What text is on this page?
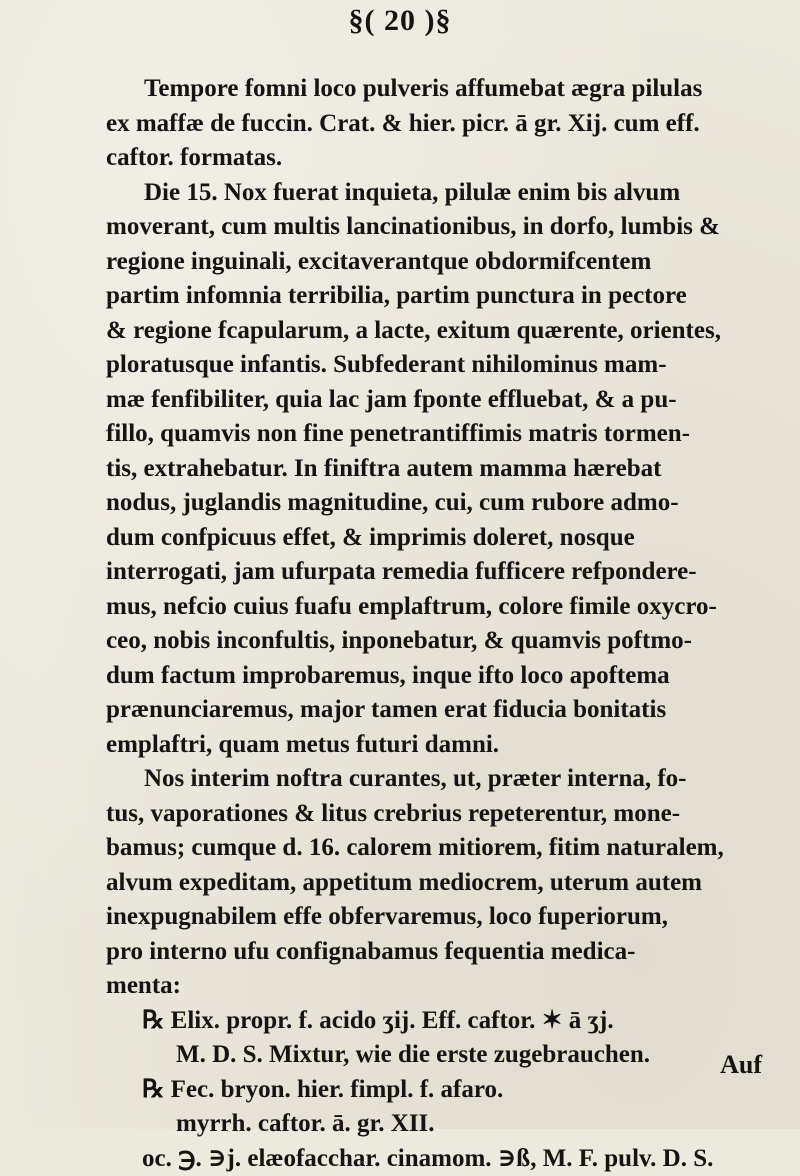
§( 20 )§

Tempore fomni loco pulveris affumebat ægra pilulas
ex maffæ de fuccin. Crat. & hier. picr. ā gr. Xij. cum eff.
caftor. formatas.

Die 15. Nox fuerat inquieta, pilulæ enim bis alvum
moverant, cum multis lancinationibus, in dorfo, lumbis &
regione inguinali, excitaverantque obdormifcentem
partim infomnia terribilia, partim punctura in pectore
& regione fcapularum, a lacte, exitum quærente, orientes,
ploratusque infantis. Subfederant nihilominus mam-
mæ fenfibiliter, quia lac jam fponte effluebat, & a pu-
fillo, quamvis non fine penetrantiffimis matris tormen-
tis, extrahebatur. In finiftra autem mamma hærebat
nodus, juglandis magnitudine, cui, cum rubore admo-
dum confpicuus effet, & imprimis doleret, nosque
interrogati, jam ufurpata remedia fufficere refpondere-
mus, nefcio cuius fuafu emplaftrum, colore fimile oxycro-
ceo, nobis inconfultis, inponebatur, & quamvis poftmo-
dum factum improbaremus, inque ifto loco apoftema
prænunciaremus, major tamen erat fiducia bonitatis
emplaftri, quam metus futuri damni.

Nos interim noftra curantes, ut, præter interna, fo-
tus, vaporationes & litus crebrius repeterentur, mone-
bamus; cumque d. 16. calorem mitiorem, fitim naturalem,
alvum expeditam, appetitum mediocrem, uterum autem
inexpugnabilem effe obfervaremus, loco fuperiorum,
pro interno ufu confignabamus fequentia medica-
menta:

℞ Elix. propr. f. acido ʒij. Eff. caftor. ✶ ā ʒj.
M. D. S. Mixtur, wie die erste zugebrauchen.
℞ Fec. bryon. hier. fimpl. f. afaro.
myrrh. caftor. ā. gr. XII.
oc. ℈. ∋j. elæofacchar. cinamom. ∋ß, M. F. pulv. D. S.

Auf
